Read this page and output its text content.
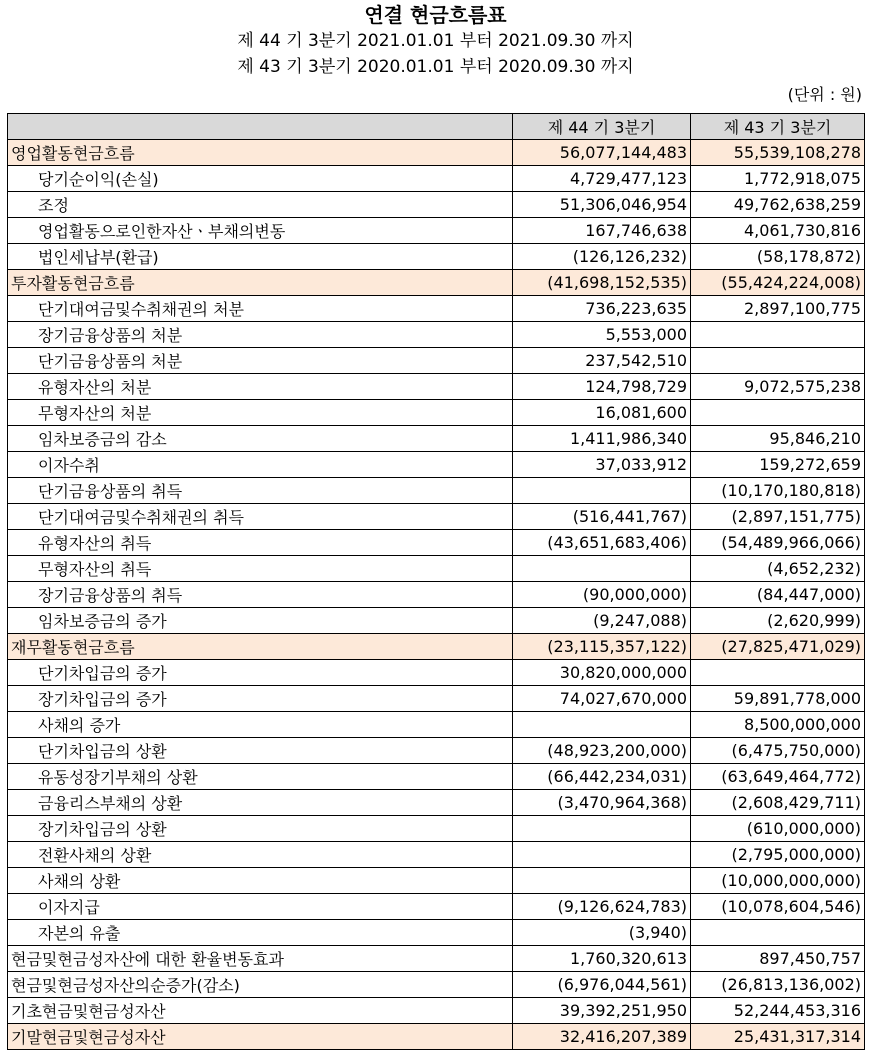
연결 현금흐름표
제 44 기 3분기 2021.01.01 부터 2021.09.30 까지
제 43 기 3분기 2020.01.01 부터 2020.09.30 까지
(단위 : 원)
	제 44 기 3분기	제 43 기 3분기
영업활동현금흐름	56,077,144,483	55,539,108,278
당기순이익(손실)	4,729,477,123	1,772,918,075
조정	51,306,046,954	49,762,638,259
영업활동으로인한자산ㆍ부채의변동	167,746,638	4,061,730,816
법인세납부(환급)	(126,126,232)	(58,178,872)
투자활동현금흐름	(41,698,152,535)	(55,424,224,008)
단기대여금및수취채권의 처분	736,223,635	2,897,100,775
장기금융상품의 처분	5,553,000	
단기금융상품의 처분	237,542,510	
유형자산의 처분	124,798,729	9,072,575,238
무형자산의 처분	16,081,600	
임차보증금의 감소	1,411,986,340	95,846,210
이자수취	37,033,912	159,272,659
단기금융상품의 취득		(10,170,180,818)
단기대여금및수취채권의 취득	(516,441,767)	(2,897,151,775)
유형자산의 취득	(43,651,683,406)	(54,489,966,066)
무형자산의 취득		(4,652,232)
장기금융상품의 취득	(90,000,000)	(84,447,000)
임차보증금의 증가	(9,247,088)	(2,620,999)
재무활동현금흐름	(23,115,357,122)	(27,825,471,029)
단기차입금의 증가	30,820,000,000	
장기차입금의 증가	74,027,670,000	59,891,778,000
사채의 증가		8,500,000,000
단기차입금의 상환	(48,923,200,000)	(6,475,750,000)
유동성장기부채의 상환	(66,442,234,031)	(63,649,464,772)
금융리스부채의 상환	(3,470,964,368)	(2,608,429,711)
장기차입금의 상환		(610,000,000)
전환사채의 상환		(2,795,000,000)
사채의 상환		(10,000,000,000)
이자지급	(9,126,624,783)	(10,078,604,546)
자본의 유출	(3,940)	
현금및현금성자산에 대한 환율변동효과	1,760,320,613	897,450,757
현금및현금성자산의순증가(감소)	(6,976,044,561)	(26,813,136,002)
기초현금및현금성자산	39,392,251,950	52,244,453,316
기말현금및현금성자산	32,416,207,389	25,431,317,314
